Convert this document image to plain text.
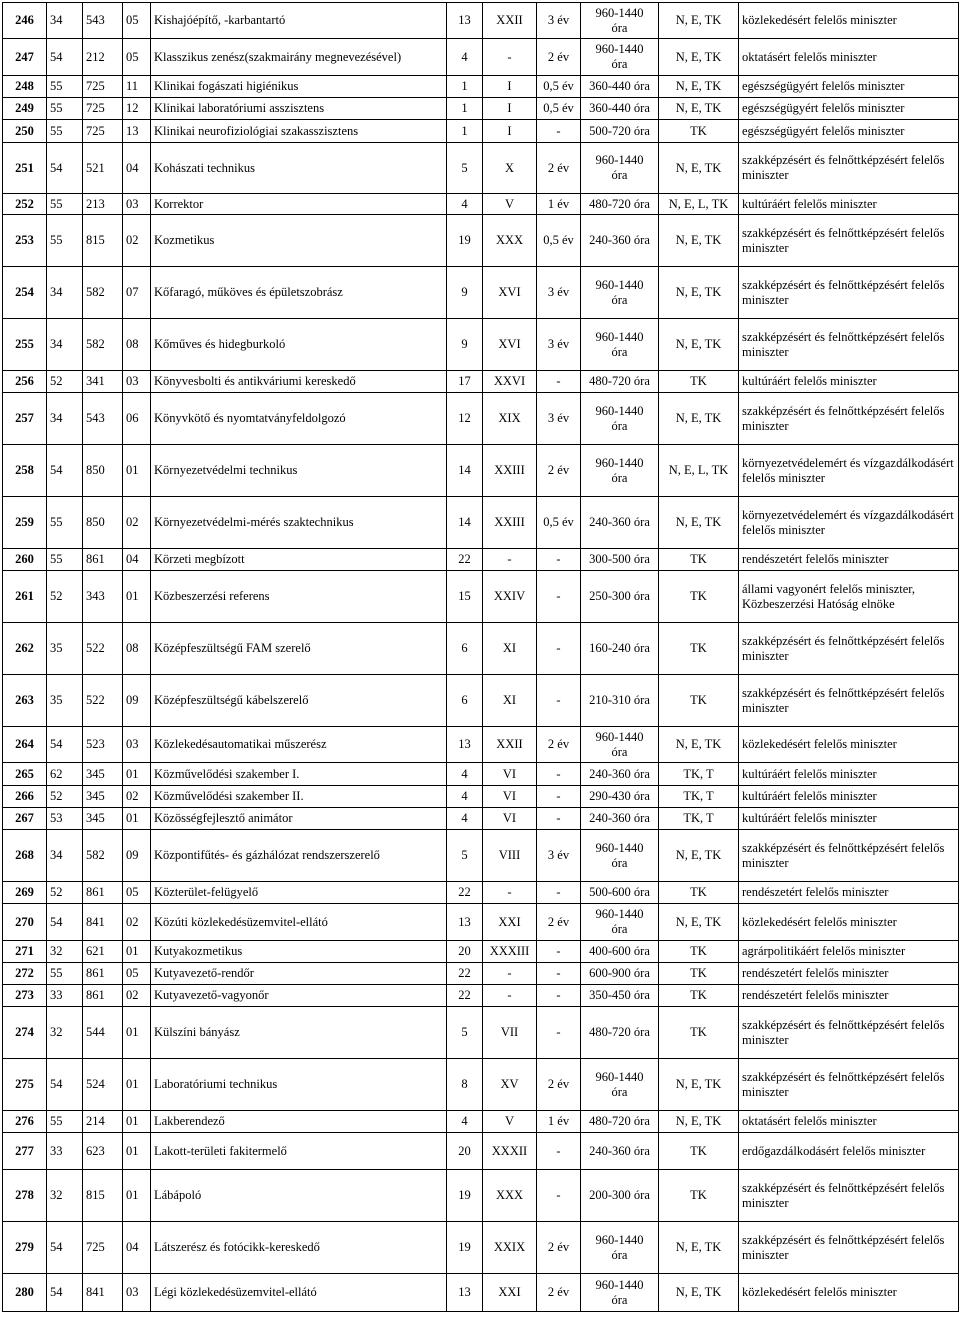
246	34	543	05	Kishajóépítő, -karbantartó	13	XXII	3 év	960-1440 óra	N, E, TK	közlekedésért felelős miniszter

247	54	212	05	Klasszikus zenész(szakmairány megnevezésével)	4	-	2 év	960-1440 óra	N, E, TK	oktatásért felelős miniszter

248	55	725	11	Klinikai fogászati higiénikus	1	I	0,5 év	360-440 óra	N, E, TK	egészségügyért felelős miniszter

249	55	725	12	Klinikai laboratóriumi asszisztens	1	I	0,5 év	360-440 óra	N, E, TK	egészségügyért felelős miniszter

250	55	725	13	Klinikai neurofiziológiai szakasszisztens	1	I	-	500-720 óra	TK	egészségügyért felelős miniszter

251	54	521	04	Kohászati technikus	5	X	2 év	960-1440 óra	N, E, TK	szakképzésért és felnőttképzésért felelős miniszter

252	55	213	03	Korrektor	4	V	1 év	480-720 óra	N, E, L, TK	kultúráért felelős miniszter

253	55	815	02	Kozmetikus	19	XXX	0,5 év	240-360 óra	N, E, TK	szakképzésért és felnőttképzésért felelős miniszter

254	34	582	07	Kőfaragó, műköves és épületszobrász	9	XVI	3 év	960-1440 óra	N, E, TK	szakképzésért és felnőttképzésért felelős miniszter

255	34	582	08	Kőműves és hidegburkoló	9	XVI	3 év	960-1440 óra	N, E, TK	szakképzésért és felnőttképzésért felelős miniszter

256	52	341	03	Könyvesbolti és antikváriumi kereskedő	17	XXVI	-	480-720 óra	TK	kultúráért felelős miniszter

257	34	543	06	Könyvkötő és nyomtatványfeldolgozó	12	XIX	3 év	960-1440 óra	N, E, TK	szakképzésért és felnőttképzésért felelős miniszter

258	54	850	01	Környezetvédelmi technikus	14	XXIII	2 év	960-1440 óra	N, E, L, TK	környezetvédelemért és vízgazdálkodásért felelős miniszter

259	55	850	02	Környezetvédelmi-mérés szaktechnikus	14	XXIII	0,5 év	240-360 óra	N, E, TK	környezetvédelemért és vízgazdálkodásért felelős miniszter

260	55	861	04	Körzeti megbízott	22	-	-	300-500 óra	TK	rendészetért felelős miniszter

261	52	343	01	Közbeszerzési referens	15	XXIV	-	250-300 óra	TK	állami vagyonért felelős miniszter, Közbeszerzési Hatóság elnöke

262	35	522	08	Középfeszültségű FAM szerelő	6	XI	-	160-240 óra	TK	szakképzésért és felnőttképzésért felelős miniszter

263	35	522	09	Középfeszültségű kábelszerelő	6	XI	-	210-310 óra	TK	szakképzésért és felnőttképzésért felelős miniszter

264	54	523	03	Közlekedésautomatikai műszerész	13	XXII	2 év	960-1440 óra	N, E, TK	közlekedésért felelős miniszter

265	62	345	01	Közművelődési szakember I.	4	VI	-	240-360 óra	TK, T	kultúráért felelős miniszter

266	52	345	02	Közművelődési szakember II.	4	VI	-	290-430 óra	TK, T	kultúráért felelős miniszter

267	53	345	01	Közösségfejlesztő animátor	4	VI	-	240-360 óra	TK, T	kultúráért felelős miniszter

268	34	582	09	Központifűtés- és gázhálózat rendszerszerelő	5	VIII	3 év	960-1440 óra	N, E, TK	szakképzésért és felnőttképzésért felelős miniszter

269	52	861	05	Közterület-felügyelő	22	-	-	500-600 óra	TK	rendészetért felelős miniszter

270	54	841	02	Közúti közlekedésüzemvitel-ellátó	13	XXI	2 év	960-1440 óra	N, E, TK	közlekedésért felelős miniszter

271	32	621	01	Kutyakozmetikus	20	XXXIII	-	400-600 óra	TK	agrárpolitikáért felelős miniszter

272	55	861	05	Kutyavezető-rendőr	22	-	-	600-900 óra	TK	rendészetért felelős miniszter

273	33	861	02	Kutyavezető-vagyonőr	22	-	-	350-450 óra	TK	rendészetért felelős miniszter

274	32	544	01	Külszíni bányász	5	VII	-	480-720 óra	TK	szakképzésért és felnőttképzésért felelős miniszter

275	54	524	01	Laboratóriumi technikus	8	XV	2 év	960-1440 óra	N, E, TK	szakképzésért és felnőttképzésért felelős miniszter

276	55	214	01	Lakberendező	4	V	1 év	480-720 óra	N, E, TK	oktatásért felelős miniszter

277	33	623	01	Lakott-területi fakitermelő	20	XXXII	-	240-360 óra	TK	erdőgazdálkodásért felelős miniszter

278	32	815	01	Lábápoló	19	XXX	-	200-300 óra	TK	szakképzésért és felnőttképzésért felelős miniszter

279	54	725	04	Látszerész és fotócikk-kereskedő	19	XXIX	2 év	960-1440 óra	N, E, TK	szakképzésért és felnőttképzésért felelős miniszter

280	54	841	03	Légi közlekedésüzemvitel-ellátó	13	XXI	2 év	960-1440 óra	N, E, TK	közlekedésért felelős miniszter
